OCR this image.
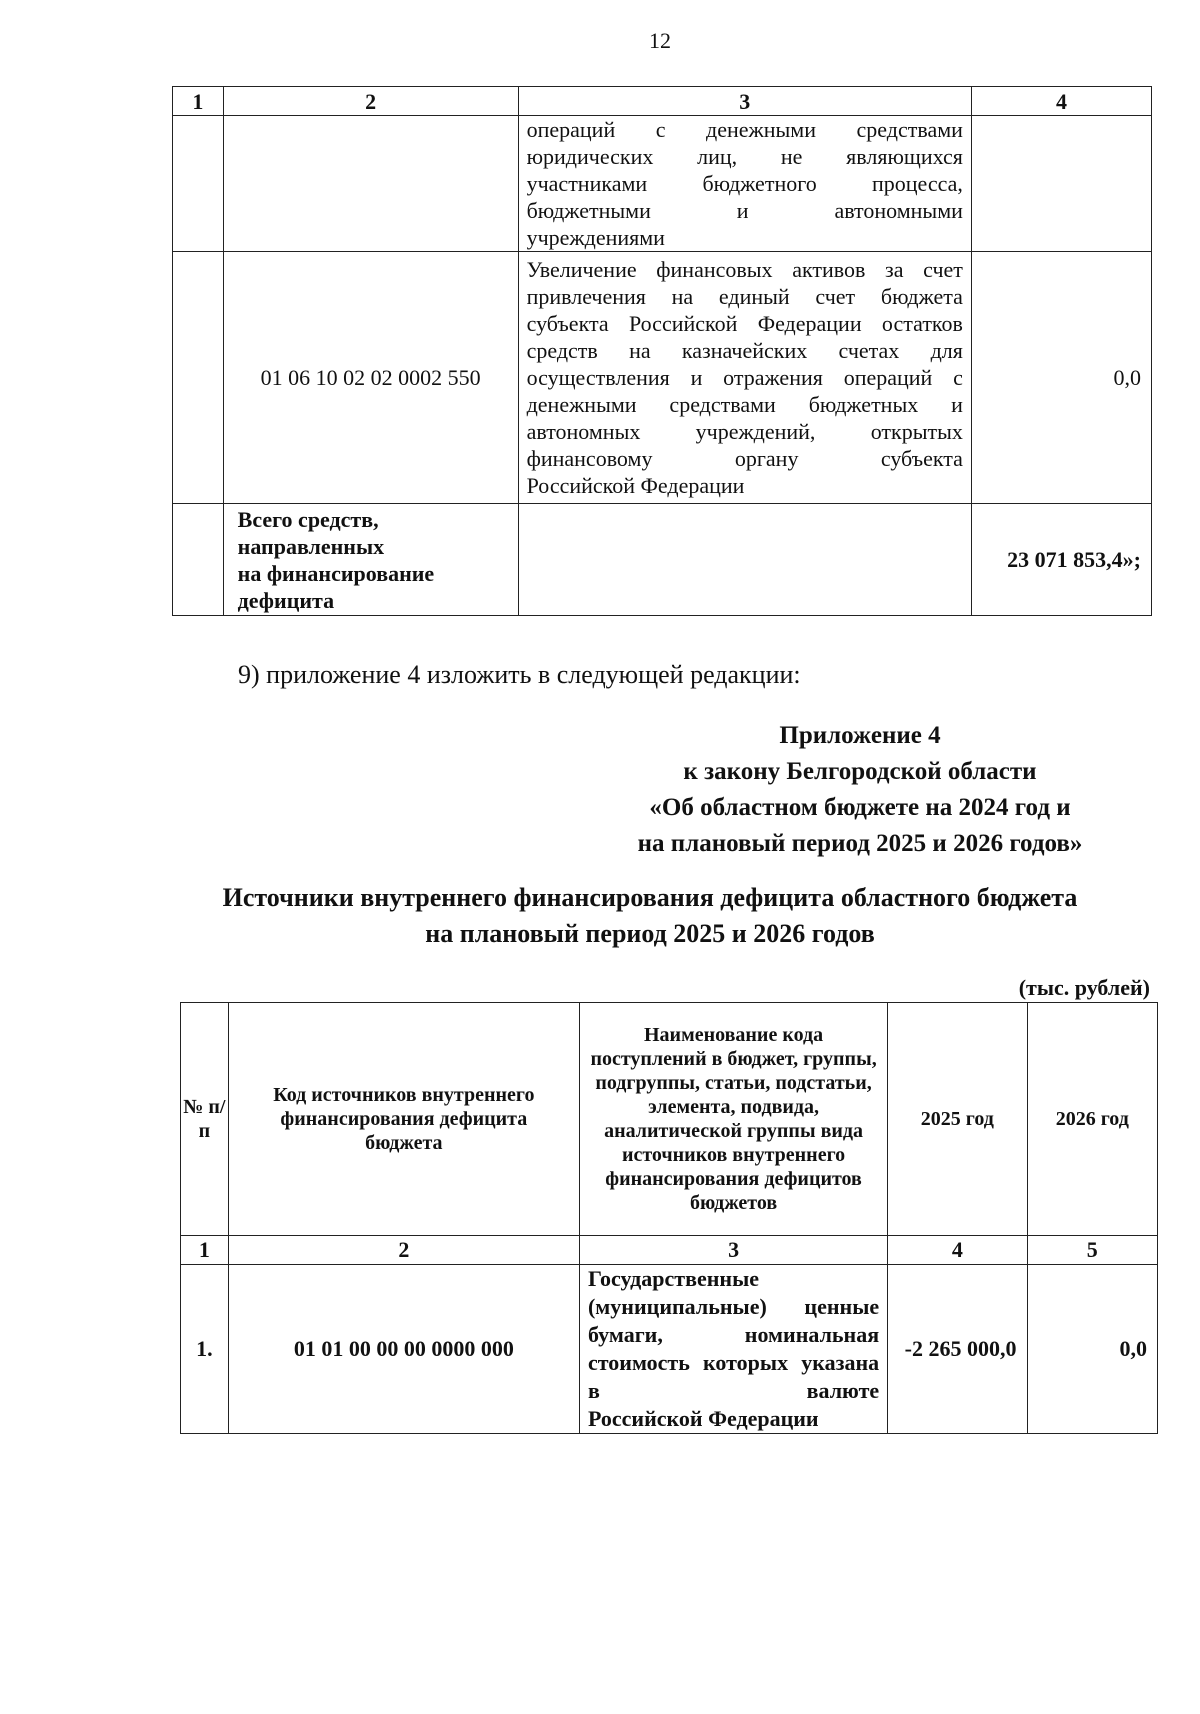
12
1	2	3	4
		операций с денежными средствами юридических лиц, не являющихся участниками бюджетного процесса, бюджетными и автономными
учреждениями	

	01 06 10 02 02 0002 550	Увеличение финансовых активов за счет привлечения на единый счет бюджета субъекта Российской Федерации остатков средств на казначейских счетах для осуществления и отражения операций с денежными средствами бюджетных и автономных учреждений, открытых финансовому органу субъекта
Российской Федерации	0,0

	Всего средств,
направленных
на финансирование
дефицита		23 071 853,4»;
9) приложение 4 изложить в следующей редакции:
Приложение 4
к закону Белгородской области
«Об областном бюджете на 2024 год и
на плановый период 2025 и 2026 годов»
Источники внутреннего финансирования дефицита областного бюджета
на плановый период 2025 и 2026 годов
(тыс. рублей)
№ п/п	Код источников внутреннего финансирования дефицита бюджета	Наименование кода поступлений в бюджет, группы, подгруппы, статьи, подстатьи, элемента, подвида, аналитической группы вида источников внутреннего финансирования дефицитов бюджетов	2025 год	2026 год
1	2	3	4	5
1.	01 01 00 00 00 0000 000	Государственные
(муниципальные) ценные бумаги, номинальная стоимость которых указана в валюте
Российской Федерации	-2 265 000,0	0,0
